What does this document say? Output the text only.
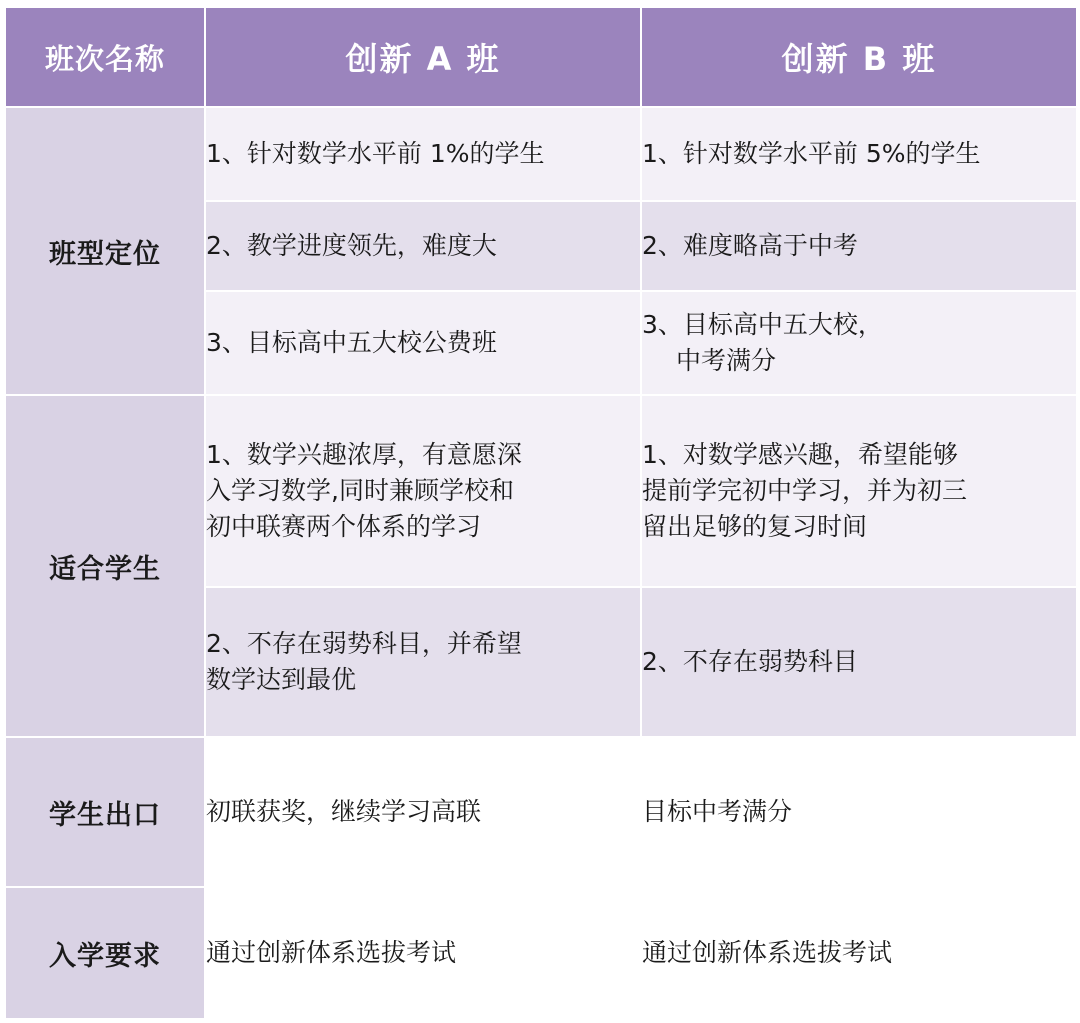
班次名称	创新 A 班	创新 B 班
班型定位	1、针对数学水平前 1%的学生	1、针对数学水平前 5%的学生

	2、教学进度领先，难度大	2、难度略高于中考

	3、目标高中五大校公费班	3、目标高中五大校，
中考满分

适合学生	1、数学兴趣浓厚，有意愿深
入学习数学,同时兼顾学校和
初中联赛两个体系的学习	1、对数学感兴趣，希望能够
提前学完初中学习，并为初三
留出足够的复习时间

	2、不存在弱势科目，并希望
数学达到最优	2、不存在弱势科目

学生出口	初联获奖，继续学习高联	目标中考满分

入学要求	通过创新体系选拔考试	通过创新体系选拔考试
